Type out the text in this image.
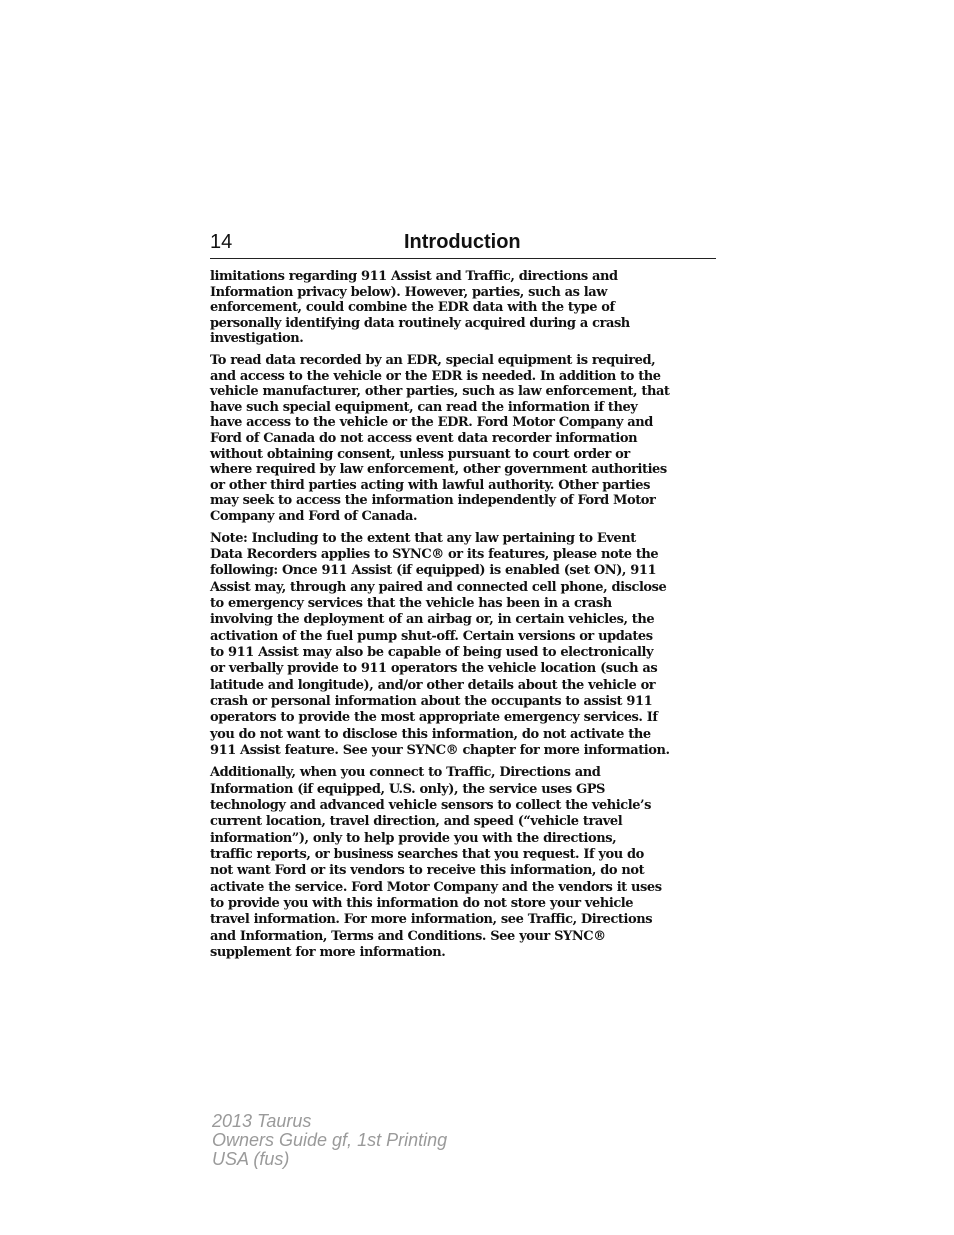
14	Introduction

limitations regarding 911 Assist and Traffic, directions and
Information privacy below). However, parties, such as law
enforcement, could combine the EDR data with the type of
personally identifying data routinely acquired during a crash
investigation.

To read data recorded by an EDR, special equipment is required,
and access to the vehicle or the EDR is needed. In addition to the
vehicle manufacturer, other parties, such as law enforcement, that
have such special equipment, can read the information if they
have access to the vehicle or the EDR. Ford Motor Company and
Ford of Canada do not access event data recorder information
without obtaining consent, unless pursuant to court order or
where required by law enforcement, other government authorities
or other third parties acting with lawful authority. Other parties
may seek to access the information independently of Ford Motor
Company and Ford of Canada.

Note: Including to the extent that any law pertaining to Event
Data Recorders applies to SYNC® or its features, please note the
following: Once 911 Assist (if equipped) is enabled (set ON), 911
Assist may, through any paired and connected cell phone, disclose
to emergency services that the vehicle has been in a crash
involving the deployment of an airbag or, in certain vehicles, the
activation of the fuel pump shut-off. Certain versions or updates
to 911 Assist may also be capable of being used to electronically
or verbally provide to 911 operators the vehicle location (such as
latitude and longitude), and/or other details about the vehicle or
crash or personal information about the occupants to assist 911
operators to provide the most appropriate emergency services. If
you do not want to disclose this information, do not activate the
911 Assist feature. See your SYNC® chapter for more information.

Additionally, when you connect to Traffic, Directions and
Information (if equipped, U.S. only), the service uses GPS
technology and advanced vehicle sensors to collect the vehicle’s
current location, travel direction, and speed (“vehicle travel
information”), only to help provide you with the directions,
traffic reports, or business searches that you request. If you do
not want Ford or its vendors to receive this information, do not
activate the service. Ford Motor Company and the vendors it uses
to provide you with this information do not store your vehicle
travel information. For more information, see Traffic, Directions
and Information, Terms and Conditions. See your SYNC®
supplement for more information.

2013 Taurus
Owners Guide gf, 1st Printing
USA (fus)
